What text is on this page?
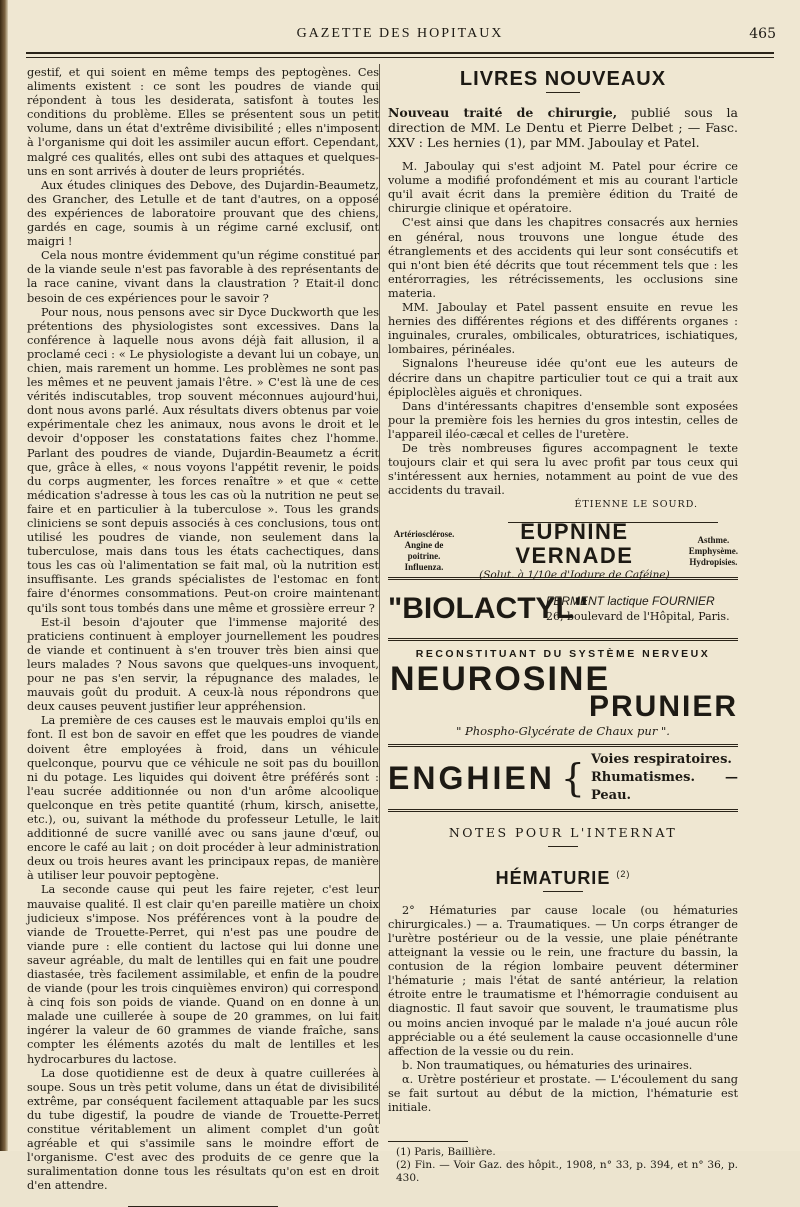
GAZETTE DES HOPITAUX	465

gestif, et qui soient en même temps des peptogènes. Ces aliments existent : ce sont les poudres de viande qui répondent à tous les desiderata, satisfont à toutes les conditions du problème. Elles se présentent sous un petit volume, dans un état d'extrême divisibilité ; elles n'imposent à l'organisme qui doit les assimiler aucun effort. Cependant, malgré ces qualités, elles ont subi des attaques et quelques-uns en sont arrivés à douter de leurs propriétés.

Aux études cliniques des Debove, des Dujardin-Beaumetz, des Grancher, des Letulle et de tant d'autres, on a opposé des expériences de laboratoire prouvant que des chiens, gardés en cage, soumis à un régime carné exclusif, ont maigri !

Cela nous montre évidemment qu'un régime constitué par de la viande seule n'est pas favorable à des représentants de la race canine, vivant dans la claustration ? Etait-il donc besoin de ces expériences pour le savoir ?

Pour nous, nous pensons avec sir Dyce Duckworth que les prétentions des physiologistes sont excessives. Dans la conférence à laquelle nous avons déjà fait allusion, il a proclamé ceci : « Le physiologiste a devant lui un cobaye, un chien, mais rarement un homme. Les problèmes ne sont pas les mêmes et ne peuvent jamais l'être. » C'est là une de ces vérités indiscutables, trop souvent méconnues aujourd'hui, dont nous avons parlé. Aux résultats divers obtenus par voie expérimentale chez les animaux, nous avons le droit et le devoir d'opposer les constatations faites chez l'homme. Parlant des poudres de viande, Dujardin-Beaumetz a écrit que, grâce à elles, « nous voyons l'appétit revenir, le poids du corps augmenter, les forces renaître » et que « cette médication s'adresse à tous les cas où la nutrition ne peut se faire et en particulier à la tuberculose ». Tous les grands cliniciens se sont depuis associés à ces conclusions, tous ont utilisé les poudres de viande, non seulement dans la tuberculose, mais dans tous les états cachectiques, dans tous les cas où l'alimentation se fait mal, où la nutrition est insuffisante. Les grands spécialistes de l'estomac en font faire d'énormes consommations. Peut-on croire maintenant qu'ils sont tous tombés dans une même et grossière erreur ?

Est-il besoin d'ajouter que l'immense majorité des praticiens continuent à employer journellement les poudres de viande et continuent à s'en trouver très bien ainsi que leurs malades ? Nous savons que quelques-uns invoquent, pour ne pas s'en servir, la répugnance des malades, le mauvais goût du produit. A ceux-là nous répondrons que deux causes peuvent justifier leur appréhension.

La première de ces causes est le mauvais emploi qu'ils en font. Il est bon de savoir en effet que les poudres de viande doivent être employées à froid, dans un véhicule quelconque, pourvu que ce véhicule ne soit pas du bouillon ni du potage. Les liquides qui doivent être préférés sont : l'eau sucrée additionnée ou non d'un arôme alcoolique quelconque en très petite quantité (rhum, kirsch, anisette, etc.), ou, suivant la méthode du professeur Letulle, le lait additionné de sucre vanillé avec ou sans jaune d'œuf, ou encore le café au lait ; on doit procéder à leur administration deux ou trois heures avant les principaux repas, de manière à utiliser leur pouvoir peptogène.

La seconde cause qui peut les faire rejeter, c'est leur mauvaise qualité. Il est clair qu'en pareille matière un choix judicieux s'impose. Nos préférences vont à la poudre de viande de Trouette-Perret, qui n'est pas une poudre de viande pure : elle contient du lactose qui lui donne une saveur agréable, du malt de lentilles qui en fait une poudre diastasée, très facilement assimilable, et enfin de la poudre de viande (pour les trois cinquièmes environ) qui correspond à cinq fois son poids de viande. Quand on en donne à un malade une cuillerée à soupe de 20 grammes, on lui fait ingérer la valeur de 60 grammes de viande fraîche, sans compter les éléments azotés du malt de lentilles et les hydrocarbures du lactose.

La dose quotidienne est de deux à quatre cuillerées à soupe. Sous un très petit volume, dans un état de divisibilité extrême, par conséquent facilement attaquable par les sucs du tube digestif, la poudre de viande de Trouette-Perret constitue véritablement un aliment complet d'un goût agréable et qui s'assimile sans le moindre effort de l'organisme. C'est avec des produits de ce genre que la suralimentation donne tous les résultats qu'on est en droit d'en attendre.

LIVRES NOUVEAUX

Nouveau traité de chirurgie, publié sous la direction de MM. Le Dentu et Pierre Delbet ; — Fasc. XXV : Les hernies (1), par MM. Jaboulay et Patel.

M. Jaboulay qui s'est adjoint M. Patel pour écrire ce volume a modifié profondément et mis au courant l'article qu'il avait écrit dans la première édition du Traité de chirurgie clinique et opératoire.

C'est ainsi que dans les chapitres consacrés aux hernies en général, nous trouvons une longue étude des étranglements et des accidents qui leur sont consécutifs et qui n'ont bien été décrits que tout récemment tels que : les entérorragies, les rétrécissements, les occlusions sine materia.

MM. Jaboulay et Patel passent ensuite en revue les hernies des différentes régions et des différents organes : inguinales, crurales, ombilicales, obturatrices, ischiatiques, lombaires, périnéales.

Signalons l'heureuse idée qu'ont eue les auteurs de décrire dans un chapitre particulier tout ce qui a trait aux épiploclèles aiguës et chroniques.

Dans d'intéressants chapitres d'ensemble sont exposées pour la première fois les hernies du gros intestin, celles de l'appareil iléo-cæcal et celles de l'uretère.

De très nombreuses figures accompagnent le texte toujours clair et qui sera lu avec profit par tous ceux qui s'intéressent aux hernies, notamment au point de vue des accidents du travail.

ÉTIENNE LE SOURD.
Artériosclérose.
Angine de poitrine.
Influenza.
EUPNINE VERNADE
(Solut. à 1/10e d'Iodure de Caféine)
Asthme.
Emphysème.
Hydropisies.
"BIOLACTYL"
FERMENT lactique FOURNIER
26, boulevard de l'Hôpital, Paris.
RECONSTITUANT DU SYSTÈME NERVEUX
NEUROSINE
PRUNIER
" Phospho-Glycérate de Chaux pur ".
ENGHIEN { Voies respiratoires.
Rhumatismes. — Peau.
NOTES POUR L'INTERNAT
HÉMATURIE $^{(2)}$

2° Hématuries par cause locale (ou hématuries chirurgicales.) — a. Traumatiques. — Un corps étranger de l'urètre postérieur ou de la vessie, une plaie pénétrante atteignant la vessie ou le rein, une fracture du bassin, la contusion de la région lombaire peuvent déterminer l'hématurie ; mais l'état de santé antérieur, la relation étroite entre le traumatisme et l'hémorragie conduisent au diagnostic. Il faut savoir que souvent, le traumatisme plus ou moins ancien invoqué par le malade n'a joué aucun rôle appréciable ou a été seulement la cause occasionnelle d'une affection de la vessie ou du rein.

b. Non traumatiques, ou hématuries des urinaires.

α. Urètre postérieur et prostate. — L'écoulement du sang se fait surtout au début de la miction, l'hématurie est initiale.

(1) Paris, Baillière.

(2) Fin. — Voir Gaz. des hôpit., 1908, n° 33, p. 394, et n° 36, p. 430.
